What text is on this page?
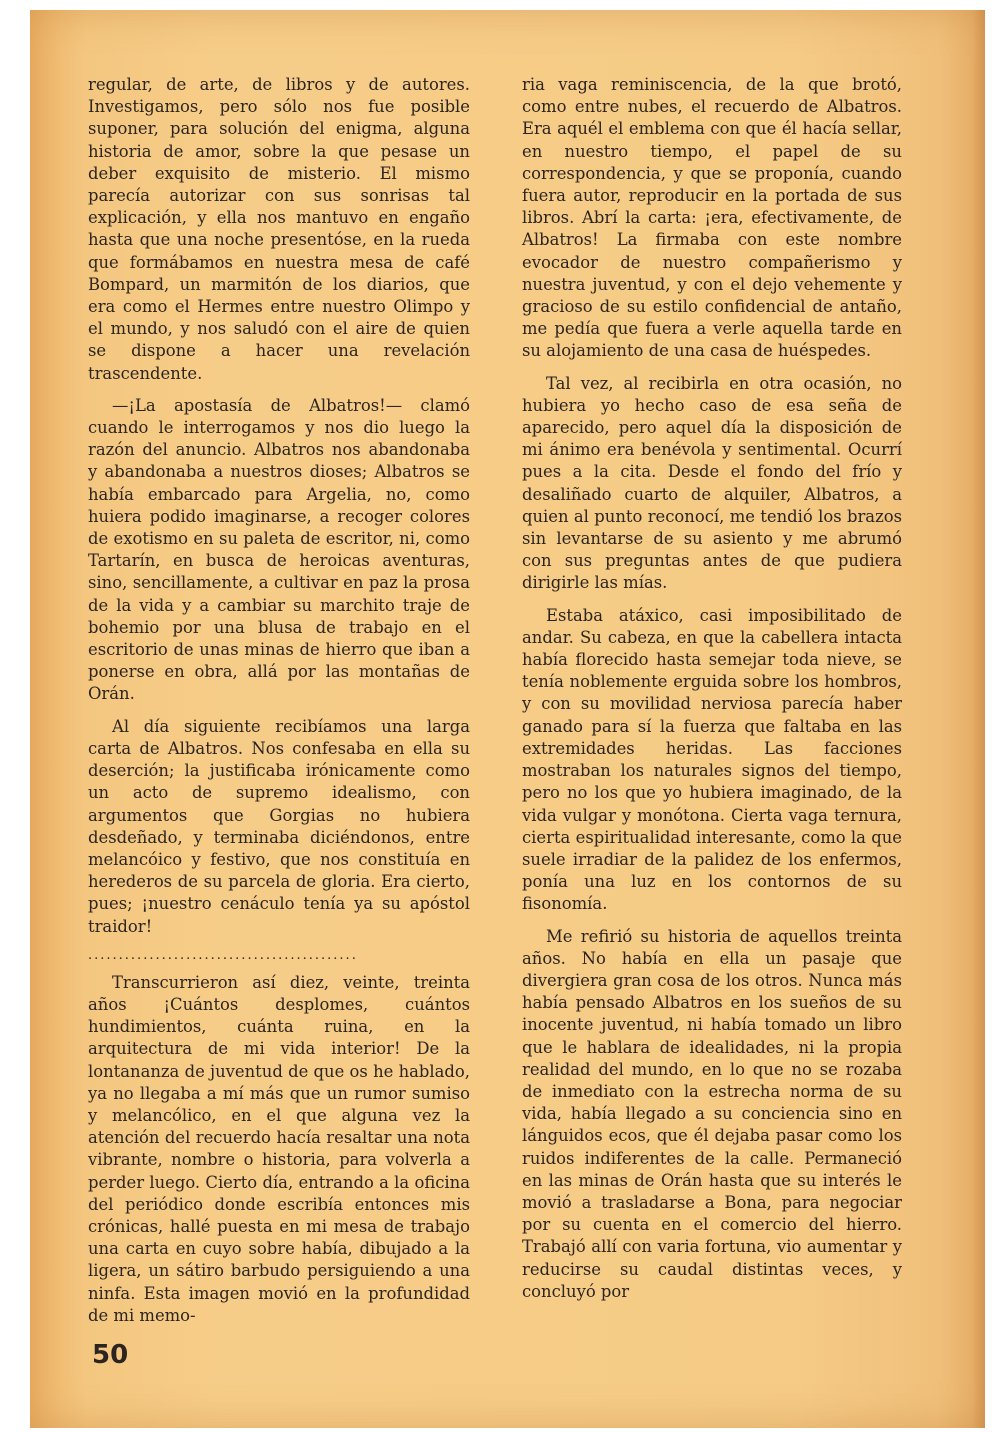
regular, de arte, de libros y de autores. Investigamos, pero sólo nos fue posible suponer, para solución del enigma, alguna historia de amor, sobre la que pesase un deber exquisito de misterio. El mismo parecía autorizar con sus sonrisas tal explicación, y ella nos mantuvo en engaño hasta que una noche presentóse, en la rueda que formábamos en nuestra mesa de café Bompard, un marmitón de los diarios, que era como el Hermes entre nuestro Olimpo y el mundo, y nos saludó con el aire de quien se dispone a hacer una revelación trascendente.

—¡La apostasía de Albatros!— clamó cuando le interrogamos y nos dio luego la razón del anuncio. Albatros nos abandonaba y abandonaba a nuestros dioses; Albatros se había embarcado para Argelia, no, como huiera podido imaginarse, a recoger colores de exotismo en su paleta de escritor, ni, como Tartarín, en busca de heroicas aventuras, sino, sencillamente, a cultivar en paz la prosa de la vida y a cambiar su marchito traje de bohemio por una blusa de trabajo en el escritorio de unas minas de hierro que iban a ponerse en obra, allá por las montañas de Orán.

Al día siguiente recibíamos una larga carta de Albatros. Nos confesaba en ella su deserción; la justificaba irónicamente como un acto de supremo idealismo, con argumentos que Gorgias no hubiera desdeñado, y terminaba diciéndonos, entre melancóico y festivo, que nos constituía en herederos de su parcela de gloria. Era cierto, pues; ¡nuestro cenáculo tenía ya su apóstol traidor!

............................................

Transcurrieron así diez, veinte, treinta años ¡Cuántos desplomes, cuántos hundimientos, cuánta ruina, en la arquitectura de mi vida interior! De la lontananza de juventud de que os he hablado, ya no llegaba a mí más que un rumor sumiso y melancólico, en el que alguna vez la atención del recuerdo hacía resaltar una nota vibrante, nombre o historia, para volverla a perder luego. Cierto día, entrando a la oficina del periódico donde escribía entonces mis crónicas, hallé puesta en mi mesa de trabajo una carta en cuyo sobre había, dibujado a la ligera, un sátiro barbudo persiguiendo a una ninfa. Esta imagen movió en la profundidad de mi memo-

ria vaga reminiscencia, de la que brotó, como entre nubes, el recuerdo de Albatros. Era aquél el emblema con que él hacía sellar, en nuestro tiempo, el papel de su correspondencia, y que se proponía, cuando fuera autor, reproducir en la portada de sus libros. Abrí la carta: ¡era, efectivamente, de Albatros! La firmaba con este nombre evocador de nuestro compañerismo y nuestra juventud, y con el dejo vehemente y gracioso de su estilo confidencial de antaño, me pedía que fuera a verle aquella tarde en su alojamiento de una casa de huéspedes.

Tal vez, al recibirla en otra ocasión, no hubiera yo hecho caso de esa seña de aparecido, pero aquel día la disposición de mi ánimo era benévola y sentimental. Ocurrí pues a la cita. Desde el fondo del frío y desaliñado cuarto de alquiler, Albatros, a quien al punto reconocí, me tendió los brazos sin levantarse de su asiento y me abrumó con sus preguntas antes de que pudiera dirigirle las mías.

Estaba atáxico, casi imposibilitado de andar. Su cabeza, en que la cabellera intacta había florecido hasta semejar toda nieve, se tenía noblemente erguida sobre los hombros, y con su movilidad nerviosa parecía haber ganado para sí la fuerza que faltaba en las extremidades heridas. Las facciones mostraban los naturales signos del tiempo, pero no los que yo hubiera imaginado, de la vida vulgar y monótona. Cierta vaga ternura, cierta espiritualidad interesante, como la que suele irradiar de la palidez de los enfermos, ponía una luz en los contornos de su fisonomía.

Me refirió su historia de aquellos treinta años. No había en ella un pasaje que divergiera gran cosa de los otros. Nunca más había pensado Albatros en los sueños de su inocente juventud, ni había tomado un libro que le hablara de idealidades, ni la propia realidad del mundo, en lo que no se rozaba de inmediato con la estrecha norma de su vida, había llegado a su conciencia sino en lánguidos ecos, que él dejaba pasar como los ruidos indiferentes de la calle. Permaneció en las minas de Orán hasta que su interés le movió a trasladarse a Bona, para negociar por su cuenta en el comercio del hierro. Trabajó allí con varia fortuna, vio aumentar y reducirse su caudal distintas veces, y concluyó por

50
